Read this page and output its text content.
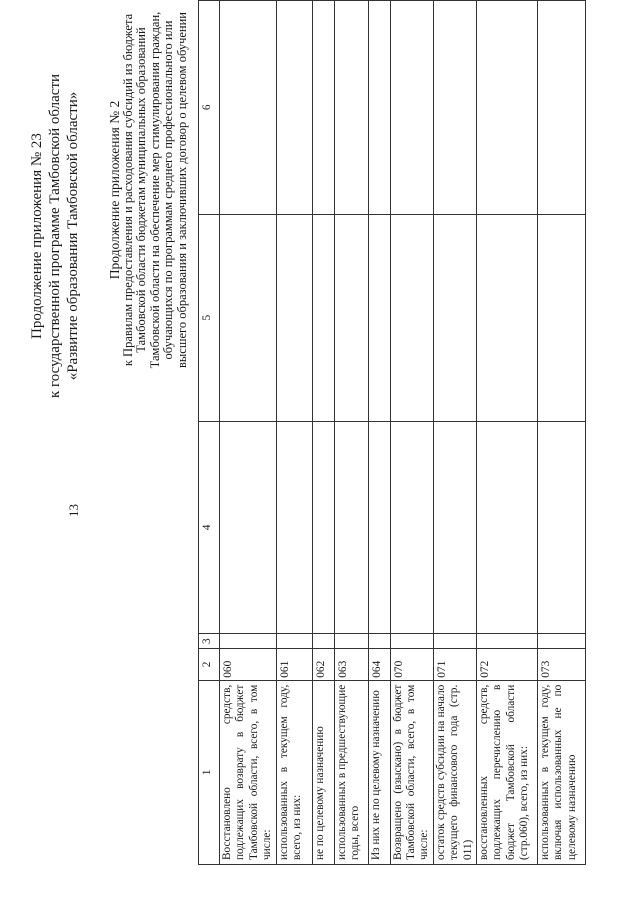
13
Продолжение приложения № 23 к государственной программе Тамбовской области «Развитие образования Тамбовской области» Продолжение приложения № 2
к Правилам предоставления и расходования субсидий из бюджета Тамбовской области бюджетам муниципальных образований Тамбовской области на обеспечение мер стимулирования граждан, обучающихся по программам среднего профессионального или высшего образования и заключивших договор о целевом обучении
1	2	3	4	5	6
Восстановлено средств, подлежащих возврату в бюджет Тамбовской области, всего, в том числе:	060				
использованных в текущем году, всего, из них:	061				
не по целевому назначению	062				
использованных в предшествующие годы, всего	063				
Из них не по целевому назначению	064				
Возвращено (взыскано) в бюджет Тамбовской области, всего, в том числе:	070				
остаток средств субсидии на начало текущего финансового года (стр. 011)	071				
восстановленных средств, подлежащих перечислению в бюджет Тамбовской области (стр.060), всего, из них:	072				
использованных в текущем году, включая использованных не по целевому назначению	073				
